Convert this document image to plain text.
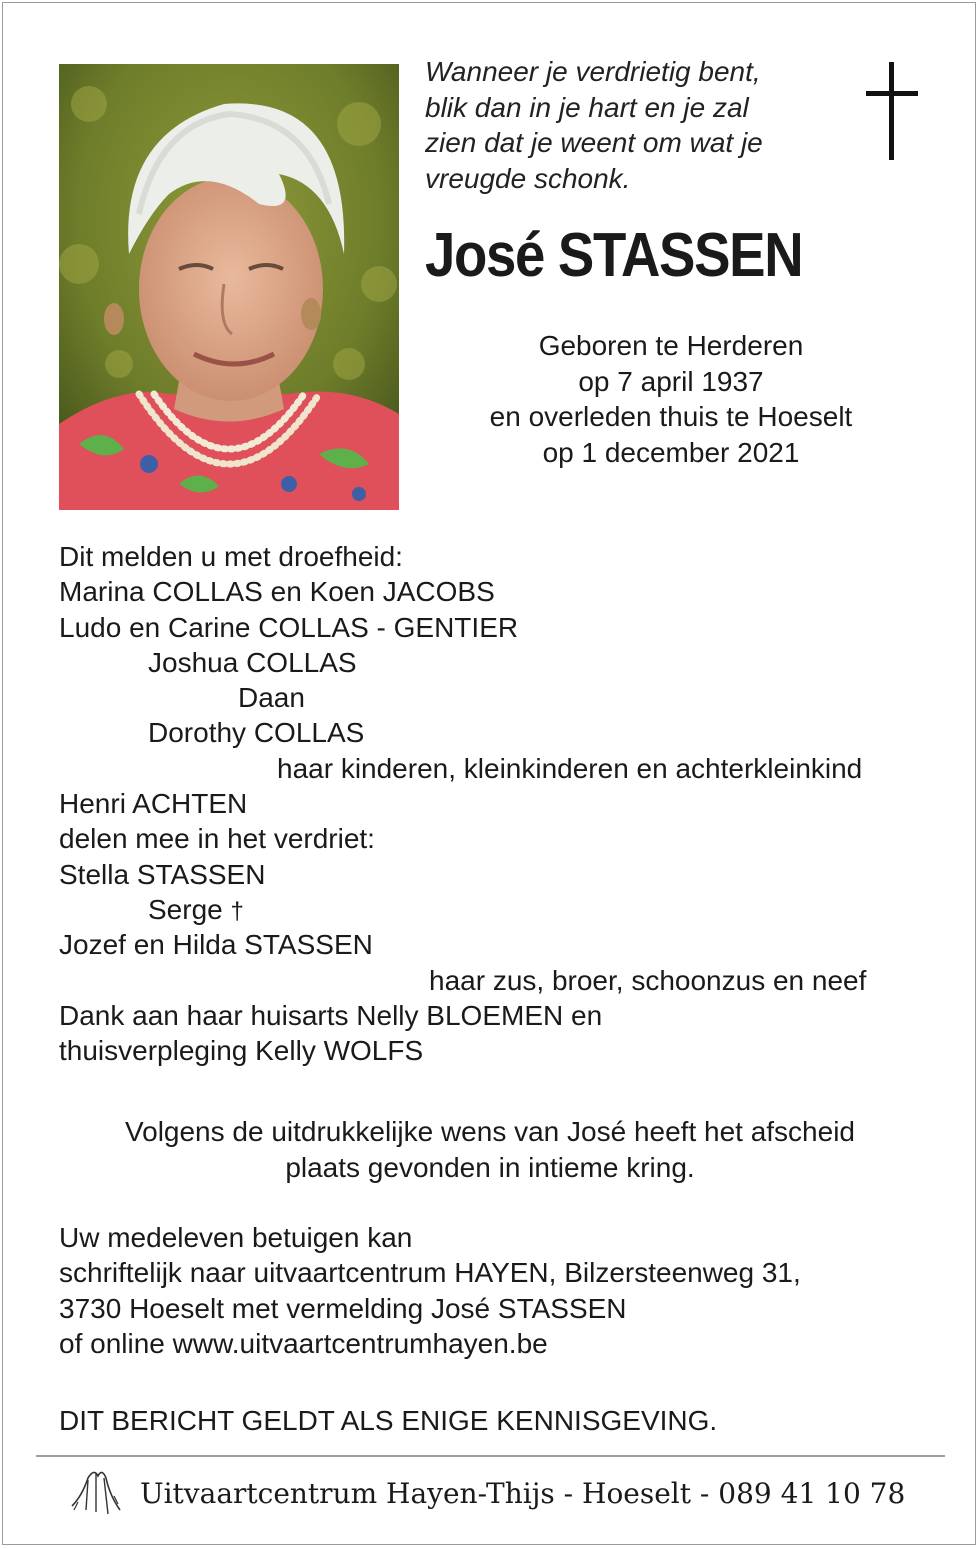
Wanneer je verdrietig bent,
blik dan in je hart en je zal
zien dat je weent om wat je
vreugde schonk.
José STASSEN
Geboren te Herderen
op 7 april 1937
en overleden thuis te Hoeselt
op 1 december 2021
Dit melden u met droefheid:
Marina COLLAS en Koen JACOBS
Ludo en Carine COLLAS - GENTIER
Joshua COLLAS
Daan
Dorothy COLLAS
haar kinderen, kleinkinderen en achterkleinkind
Henri ACHTEN
delen mee in het verdriet:
Stella STASSEN
Serge †
Jozef en Hilda STASSEN
haar zus, broer, schoonzus en neef
Dank aan haar huisarts Nelly BLOEMEN en
thuisverpleging Kelly WOLFS
Volgens de uitdrukkelijke wens van José heeft het afscheid
plaats gevonden in intieme kring.
Uw medeleven betuigen kan
schriftelijk naar uitvaartcentrum HAYEN, Bilzersteenweg 31,
3730 Hoeselt met vermelding José STASSEN
of online www.uitvaartcentrumhayen.be
DIT BERICHT GELDT ALS ENIGE KENNISGEVING.
Uitvaartcentrum Hayen-Thijs - Hoeselt - 089 41 10 78
